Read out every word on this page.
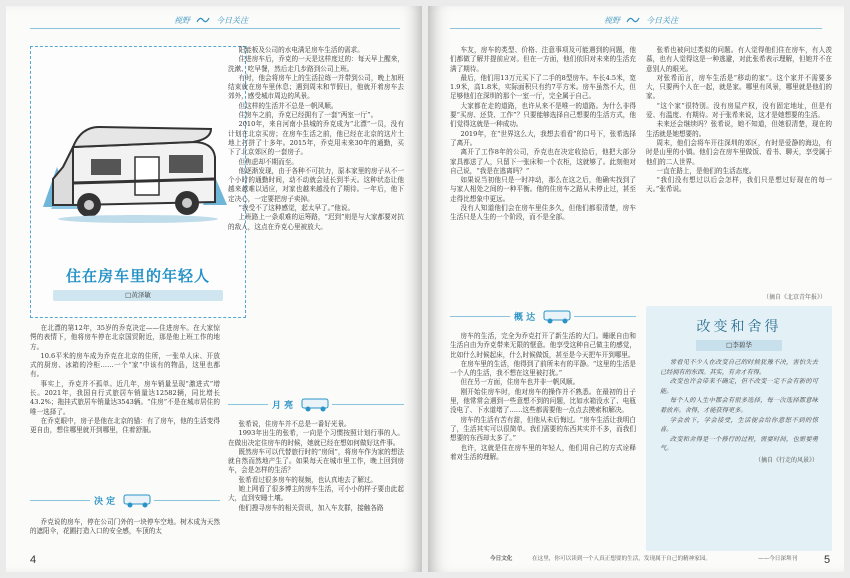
视野	今日关注
住在房车里的年轻人
□黄泽敏

在北漂的第12年，35岁的乔克决定——住进房车。在大家惊愕的表情下，他将房车停在北京国贸附近，那是他上班工作的地方。

10.6平米的房车成为乔克在北京的住所，一张单人床、开放式的厨房、冰箱的冷柜……一个“家”中该有的物品，这里也都有。

事实上，乔克并不孤单。近几年，房车销量呈现“激进式”增长。2021年，我国自行式旅居车销量达12582辆，同比增长43.2%；拖挂式旅居车销量达3543辆。“住房”不是在城市居住的唯一选择了。

在乔克眼中，房子是他在北京的锚：有了房车，他的生活变得更自由，想住哪里就开到哪里，住着舒服。

决 定

乔克说的房车，停在公司门外的一块停车空地。树木成为天然的遮阳伞，花圃打造入口的安全感，车顶的太

阳能板及公司的水电满足房车生活的需求。

住进房车后，乔克的一天是这样度过的：每天早上醒来，洗漱、吃早餐，然后走几步路到公司上班。

有时，他会将房车上的生活拉练一并带到公司，晚上加班结束就在房车里休息；遇到周末和节假日，他就开着房车去郊外，感受城市周边的风景。

但这样的生活并不总是一帆风顺。

住房车之前，乔克已经拥有了一套“两室一厅”。

2010年，来自河南小县城的乔克成为“北漂”一员，没有计划在北京买房；在房车生活之前，他已经在北京的这片土地上打拼了十多年。2015年，乔克用未来30年的通勤，买下了北京郊区的一套房子。

但焦虑却不期而至。

他逐渐发现，由于各种不可抗力，原本家里的房子从不一个小时的通勤时间，动不动就会延长到半天。这种状态让他越来越难以适应，对家也越来越没有了期待。一年后，他下定决心，一定要把房子卖掉。

“我受不了这种感觉，起太早了。”他说。

上班路上一条艰难的运筹路，“迟到”则是与大家都要对抗的敌人，这点在乔克心里被放大。

月 亮

张希说，住房车并不总是一番好光景。

1993年出生的张希，一向是个习惯按照计划行事的人。在做出决定住房车的时候，她就已经在想如何做好这件事。

既然房车可以代替旅行时的“房间”，将房车作为家的想法就自然而然地产生了。如果每天在城市里工作，晚上回到房车，会是怎样的生活？

张希看过很多房车的视频，也认真地去了解过。

她上网看了很多博主的房车生活，可小小的样子要由此起大，直到安睡土壤。

他们搜寻房车的相关资讯，加入车友群，接触各路

4
视野	今日关注

车友，房车的类型、价格、注意事项及可能遇到的问题，他们都做了解并提前应对。但在一方面，他们依旧对未来的生活充满了期待。

最后，他们用13万元买下了二手的8型房车。车长4.5米，宽1.9米，高1.8米，实际面积只有约7平方米。房车虽然不大，但足够他们在深圳的那个一室一厅，完全属于自己。

大家都在走的道路，也许从来不是唯一的道路。为什么非得要“买房、还贷、工作”？只要能够选择自己想要的生活方式，他们觉得这就是一种成功。

2019年，在“世界这么大，我想去看看”的口号下，张希选择了离开。

离开了工作8年的公司，乔克也在决定收拾后，他把大部分家具都送了人，只留下一张床和一个衣柜，这就够了。此刻他对自己说，“我是在逃离吗？”

如果说当初他只是一时冲动，那么在这之后，他确实找到了与家人相处之间的一种平衡。他的住房车之路从未停止过，甚至走得比想象中更远。

没有人知道他们会在房车里住多久，但他们都很清楚，房车生活只是人生的一个阶段，而不是全部。

概 达

房车的生活，完全为乔克打开了新生活的大门。睡眠自由和生活自由为乔克带来无限的惬意。他享受这种自己做主的感觉，比如什么时候起床，什么时候做饭，甚至是今天把车开到哪里。

在房车里的生活，他得到了前所未有的平静。“这里的生活是一个人的生活，我不想在这里被打扰。”

但在另一方面，住房车也并非一帆风顺。

刚开始住房车时，他对房车的操作并不熟悉。在最初的日子里，他常常会遇到一些意想不到的问题，比如水箱没水了、电瓶没电了、下水道堵了……这些都需要他一点点去摸索和解决。

房车的生活有苦有甜，但他从未后悔过。“房车生活让我明白了，生活其实可以很简单。我们需要的东西其实并不多，而我们想要的东西却太多了。”

也许，这就是住在房车里的年轻人，他们用自己的方式诠释着对生活的理解。

张希也被问过类似的问题。有人觉得他们住在房车，有人羡慕，也有人觉得这是一种逃避，对此张希表示理解，但她并不在意别人的眼光。

对张希而言，房车生活是“移动的家”。这个家并不需要多大，只要两个人在一起，就是家。哪里有风景，哪里就是他们的家。

“这个家”很特别。没有房屋产权，没有固定地址，但是有爱、有温度、有期待。对于张希来说，这才是她想要的生活。

未来还会继续吗？张希说，她不知道，但她很清楚，现在的生活就是她想要的。

周末，他们会将车开往深圳的郊区，有时是爱静的海边，有时是山里的小镇。他们会在房车里做饭、看书、聊天，享受属于他们的二人世界。

一直在路上，是他们的生活态度。

“我们没有想过以后会怎样，我们只是想过好现在的每一天。”张希说。

（摘自《北京青年报》）
改变和舍得
□李碧华

常看见不少人在改变自己的时候犹豫不决，害怕失去已经拥有的东西。其实，有舍才有得。

改变也许会带来不确定，但不改变一定不会有新的可能。

每个人的人生中都会有很多选择，每一次选择都意味着放弃。舍得，才能获得更多。

学会放下，学会接受，生活便会给你意想不到的惊喜。

改变和舍得是一个修行的过程，需要时间，也需要勇气。

（摘自《行走的风景》）
今日文化	在这里，你可以读到一个人真正想要的生活，发现属于自己的精神家园。	——今日深圳刊 5
